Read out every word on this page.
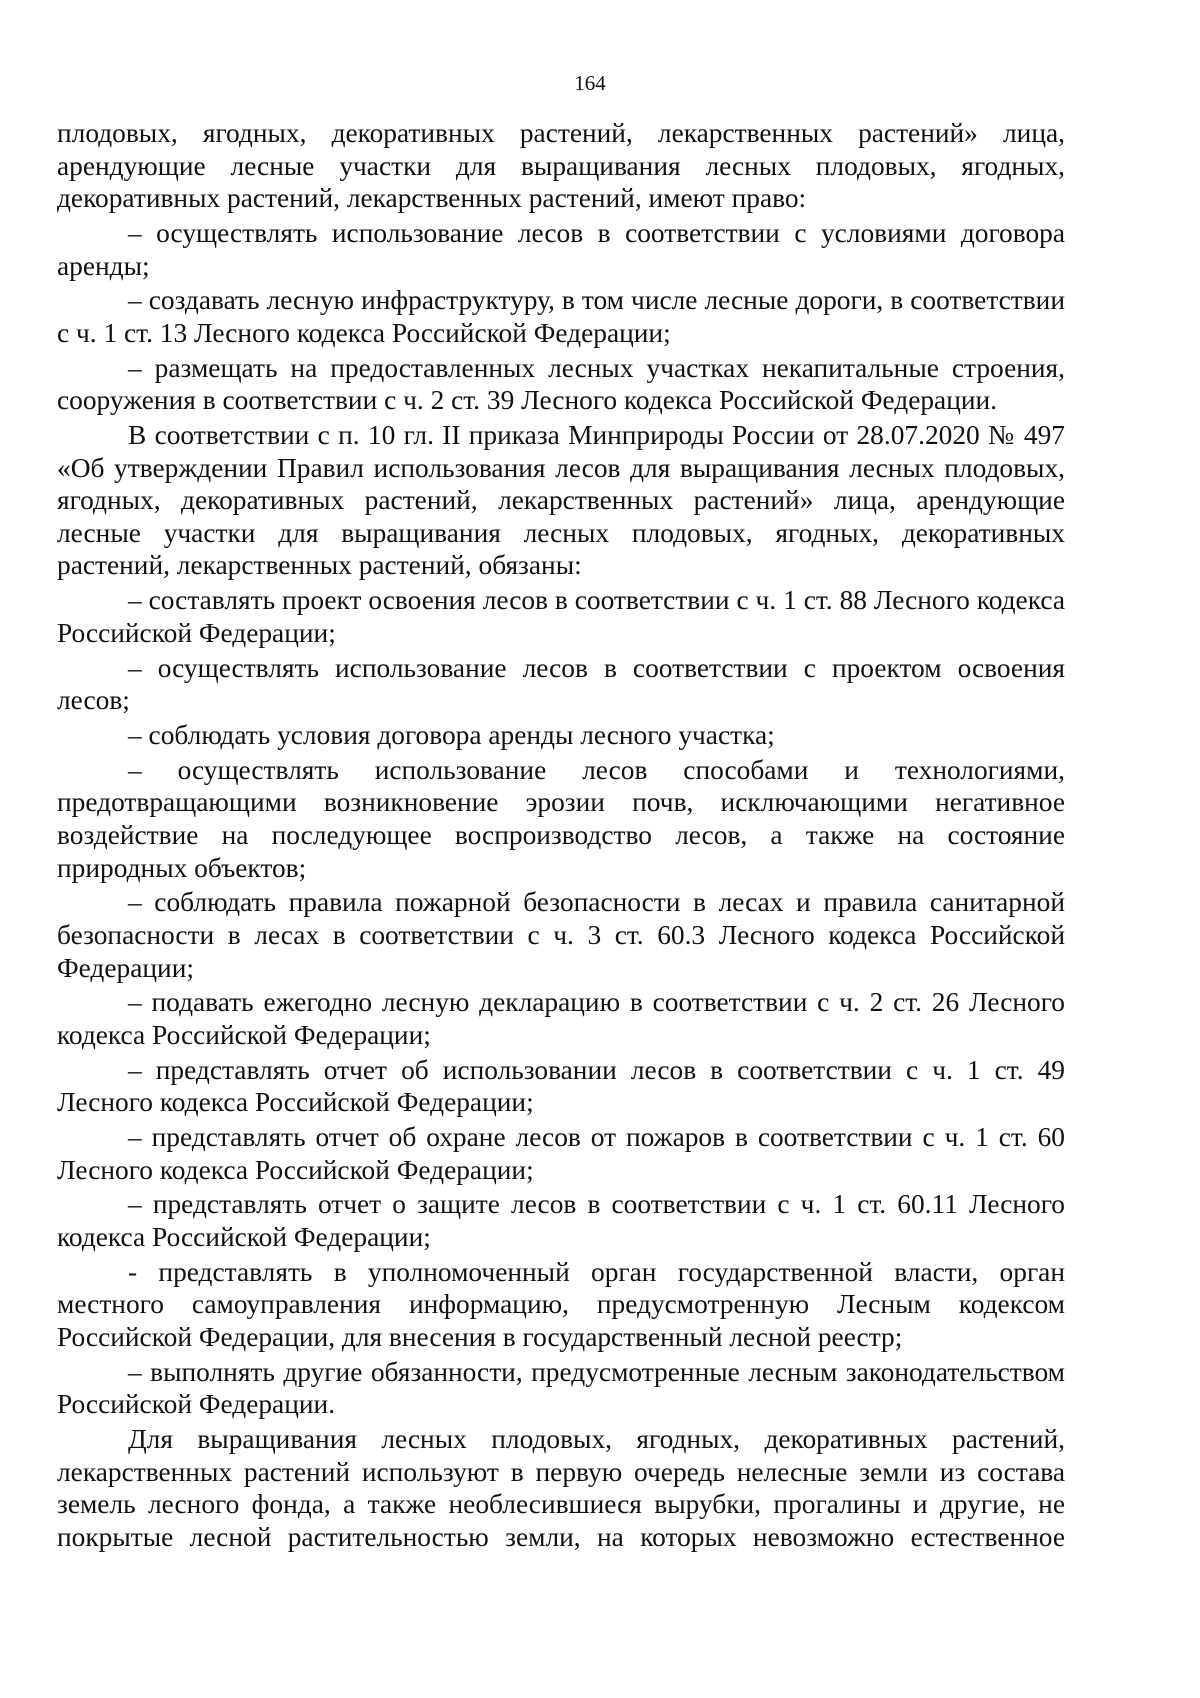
164

плодовых, ягодных, декоративных растений, лекарственных растений» лица, арендующие лесные участки для выращивания лесных плодовых, ягодных, декоративных растений, лекарственных растений, имеют право:

– осуществлять использование лесов в соответствии с условиями договора аренды;

– создавать лесную инфраструктуру, в том числе лесные дороги, в соответствии с ч. 1 ст. 13 Лесного кодекса Российской Федерации;

– размещать на предоставленных лесных участках некапитальные строения, сооружения в соответствии с ч. 2 ст. 39 Лесного кодекса Российской Федерации.

В соответствии с п. 10 гл. II приказа Минприроды России от 28.07.2020 № 497 «Об утверждении Правил использования лесов для выращивания лесных плодовых, ягодных, декоративных растений, лекарственных растений» лица, арендующие лесные участки для выращивания лесных плодовых, ягодных, декоративных растений, лекарственных растений, обязаны:

– составлять проект освоения лесов в соответствии с ч. 1 ст. 88 Лесного кодекса Российской Федерации;

– осуществлять использование лесов в соответствии с проектом освоения лесов;

– соблюдать условия договора аренды лесного участка;

– осуществлять использование лесов способами и технологиями, предотвращающими возникновение эрозии почв, исключающими негативное воздействие на последующее воспроизводство лесов, а также на состояние природных объектов;

– соблюдать правила пожарной безопасности в лесах и правила санитарной безопасности в лесах в соответствии с ч. 3 ст. 60.3 Лесного кодекса Российской Федерации;

– подавать ежегодно лесную декларацию в соответствии с ч. 2 ст. 26 Лесного кодекса Российской Федерации;

– представлять отчет об использовании лесов в соответствии с ч. 1 ст. 49 Лесного кодекса Российской Федерации;

– представлять отчет об охране лесов от пожаров в соответствии с ч. 1 ст. 60 Лесного кодекса Российской Федерации;

– представлять отчет о защите лесов в соответствии с ч. 1 ст. 60.11 Лесного кодекса Российской Федерации;

- представлять в уполномоченный орган государственной власти, орган местного самоуправления информацию, предусмотренную Лесным кодексом Российской Федерации, для внесения в государственный лесной реестр;

– выполнять другие обязанности, предусмотренные лесным законодательством Российской Федерации.

Для выращивания лесных плодовых, ягодных, декоративных растений, лекарственных растений используют в первую очередь нелесные земли из состава земель лесного фонда, а также необлесившиеся вырубки, прогалины и другие, не покрытые лесной растительностью земли, на которых невозможно естественное
